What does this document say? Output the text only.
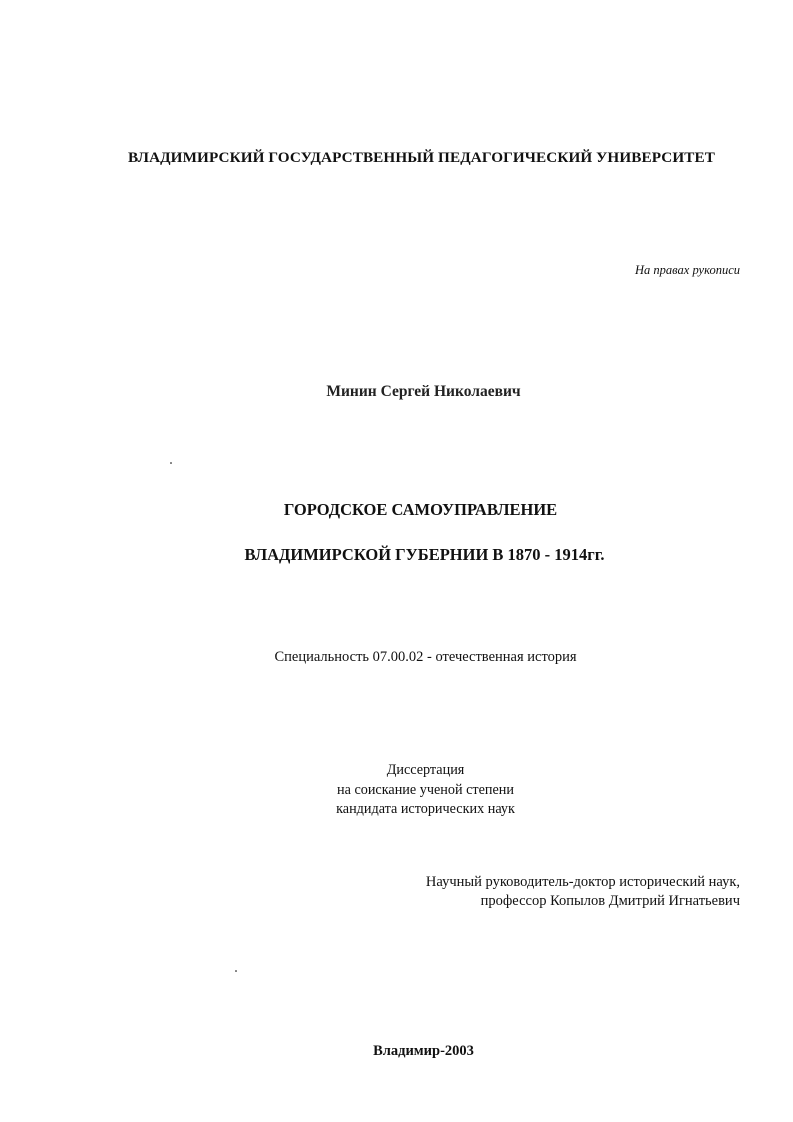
ВЛАДИМИРСКИЙ ГОСУДАРСТВЕННЫЙ ПЕДАГОГИЧЕСКИЙ УНИВЕРСИТЕТ
На правах рукописи
Минин Сергей Николаевич
ГОРОДСКОЕ САМОУПРАВЛЕНИЕ
ВЛАДИМИРСКОЙ ГУБЕРНИИ В 1870 - 1914гг.
Специальность 07.00.02 - отечественная история
Диссертация
на соискание ученой степени
кандидата исторических наук
Научный руководитель-доктор исторический наук,
профессор Копылов Дмитрий Игнатьевич
Владимир-2003
